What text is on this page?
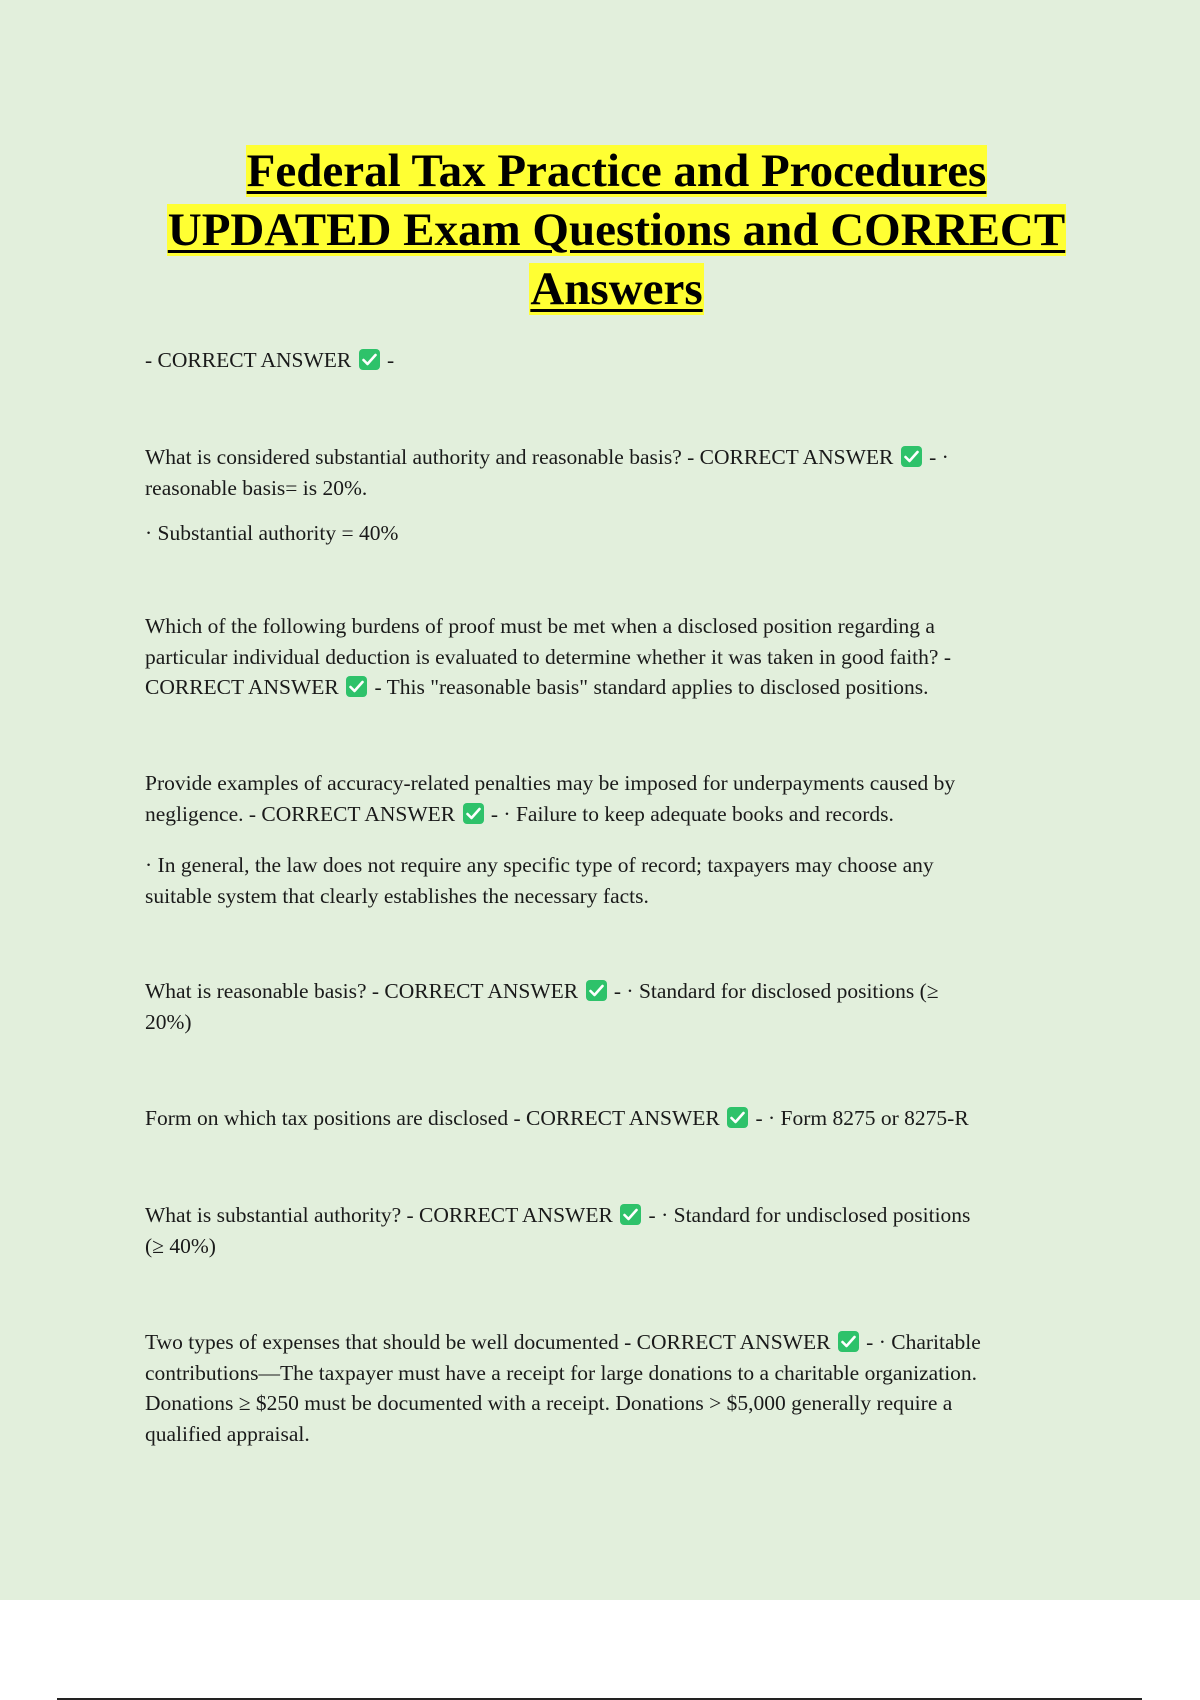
Federal Tax Practice and Procedures
UPDATED Exam Questions and CORRECT
Answers

- CORRECT ANSWER -

What is considered substantial authority and reasonable basis? - CORRECT ANSWER - ·
reasonable basis= is 20%.

· Substantial authority = 40%

Which of the following burdens of proof must be met when a disclosed position regarding a
particular individual deduction is evaluated to determine whether it was taken in good faith? -
CORRECT ANSWER - This "reasonable basis" standard applies to disclosed positions.

Provide examples of accuracy-related penalties may be imposed for underpayments caused by
negligence. - CORRECT ANSWER - · Failure to keep adequate books and records.

· In general, the law does not require any specific type of record; taxpayers may choose any
suitable system that clearly establishes the necessary facts.

What is reasonable basis? - CORRECT ANSWER - · Standard for disclosed positions (≥
20%)

Form on which tax positions are disclosed - CORRECT ANSWER - · Form 8275 or 8275-R

What is substantial authority? - CORRECT ANSWER - · Standard for undisclosed positions
(≥ 40%)

Two types of expenses that should be well documented - CORRECT ANSWER - · Charitable
contributions—The taxpayer must have a receipt for large donations to a charitable organization.
Donations ≥ $250 must be documented with a receipt. Donations > $5,000 generally require a
qualified appraisal.
